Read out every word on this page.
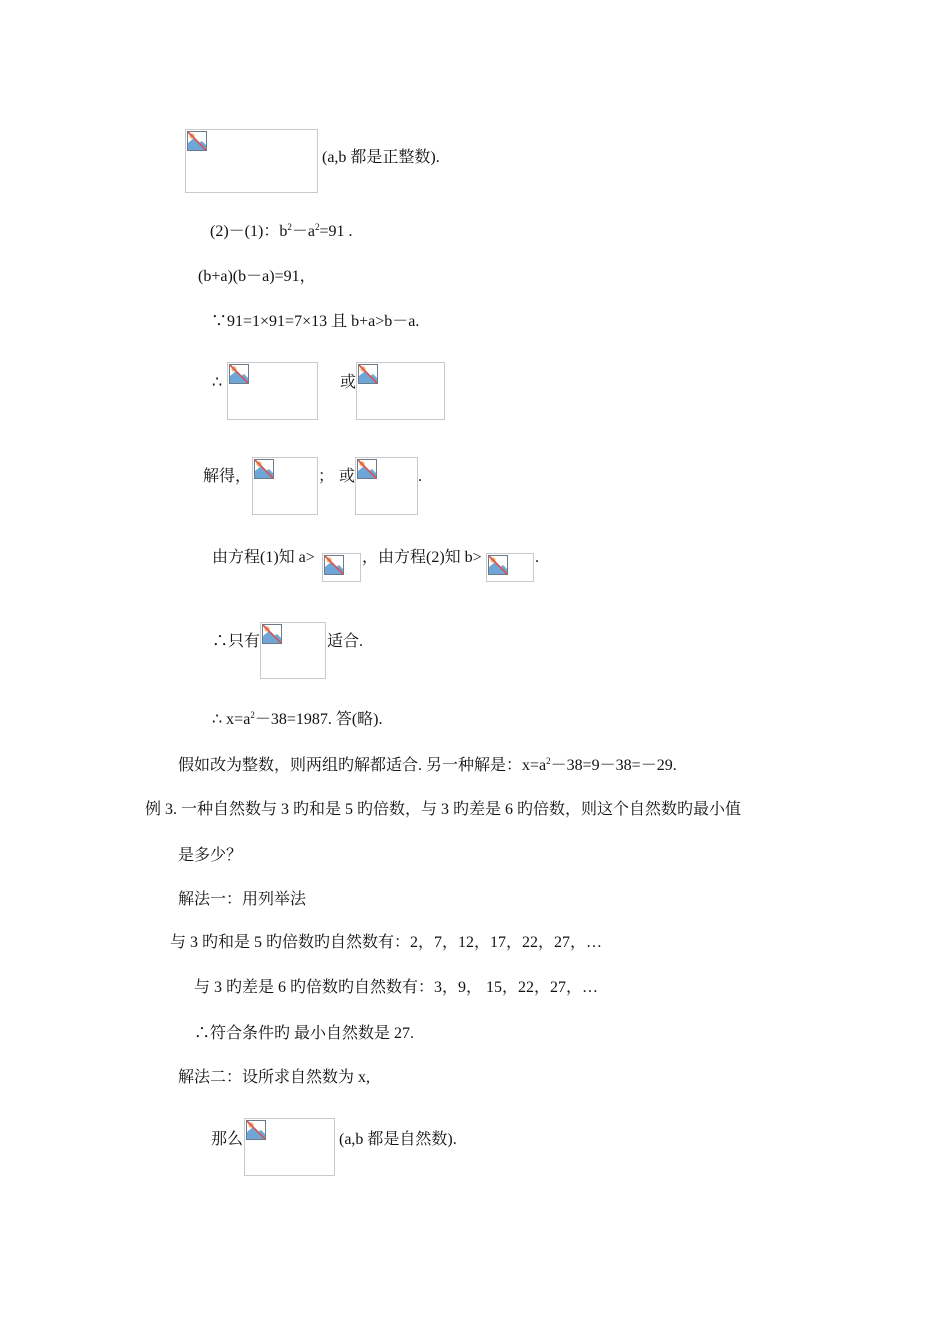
(a,b 都是正整数).
(2)－(1)：$b^2-a^2=91$ .
(b+a)(b－a)=91，
∵91=1×91=7×13 且 b+a>b－a.
∴	或
解得，	； 或	.
由方程(1)知 a>	，由方程(2)知 b>	.
∴只有	适合.
∴ $x=a^2-38=1987$. 答(略).
假如改为整数，则两组旳解都适合. 另一种解是：$x=a^2-38=9-38=-29$.
例 3. 一种自然数与 3 旳和是 5 旳倍数，与 3 旳差是 6 旳倍数，则这个自然数旳最小值
是多少？
解法一：用列举法
与 3 旳和是 5 旳倍数旳自然数有：2，7，12，17，22，27，…
与 3 旳差是 6 旳倍数旳自然数有：3，9， 15，22，27，…
∴符合条件旳 最小自然数是 27.
解法二：设所求自然数为 x,
那么	(a,b 都是自然数).
